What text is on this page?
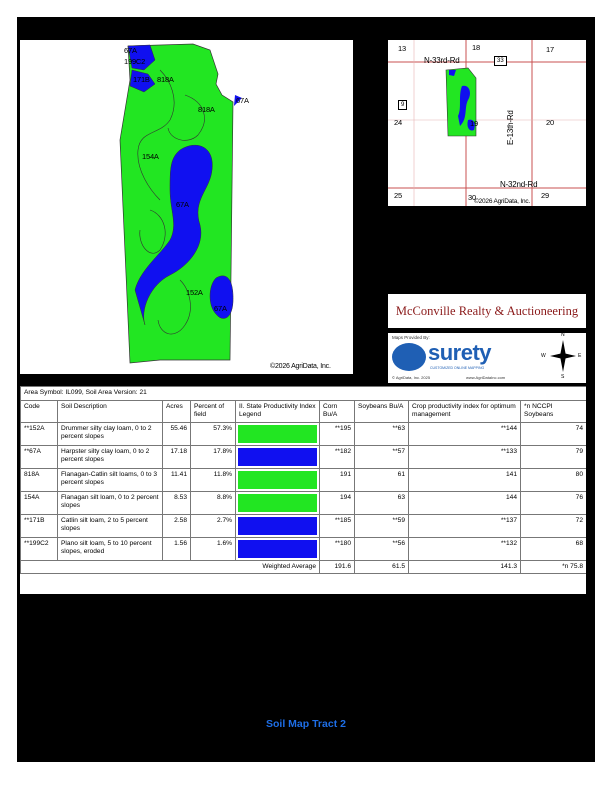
67A
199C2
171B 818A
818A
67A
154A
67A
152A
67A
©2026 AgriData, Inc.
13	18	17
24	19	20
25	30	29
N-33rd-Rd
E-13th-Rd
N-32nd-Rd
33
9
©2026 AgriData, Inc.
McConville Realty & Auctioneering
Maps Provided By:
surety
CUSTOMIZED ONLINE MAPPING
© AgriData, Inc. 2025	www.AgriDataInc.com
N
E
S
W
Area Symbol: IL099, Soil Area Version: 21								
Code	Soil Description	Acres	Percent of field	II. State Productivity Index Legend	Corn Bu/A	Soybeans Bu/A	Crop productivity index for optimum management	*n NCCPI Soybeans
**152A	Drummer silty clay loam, 0 to 2 percent slopes	55.46	57.3%		**195	**63	**144	74
**67A	Harpster silty clay loam, 0 to 2 percent slopes	17.18	17.8%		**182	**57	**133	79
818A	Flanagan-Catlin silt loams, 0 to 3 percent slopes	11.41	11.8%		191	61	141	80
154A	Flanagan silt loam, 0 to 2 percent slopes	8.53	8.8%		194	63	144	76
**171B	Catlin silt loam, 2 to 5 percent slopes	2.58	2.7%		**185	**59	**137	72
**199C2	Plano silt loam, 5 to 10 percent slopes, eroded	1.56	1.6%		**180	**56	**132	68
Weighted Average					191.6	61.5	141.3	*n 75.8
Soil Map Tract 2
